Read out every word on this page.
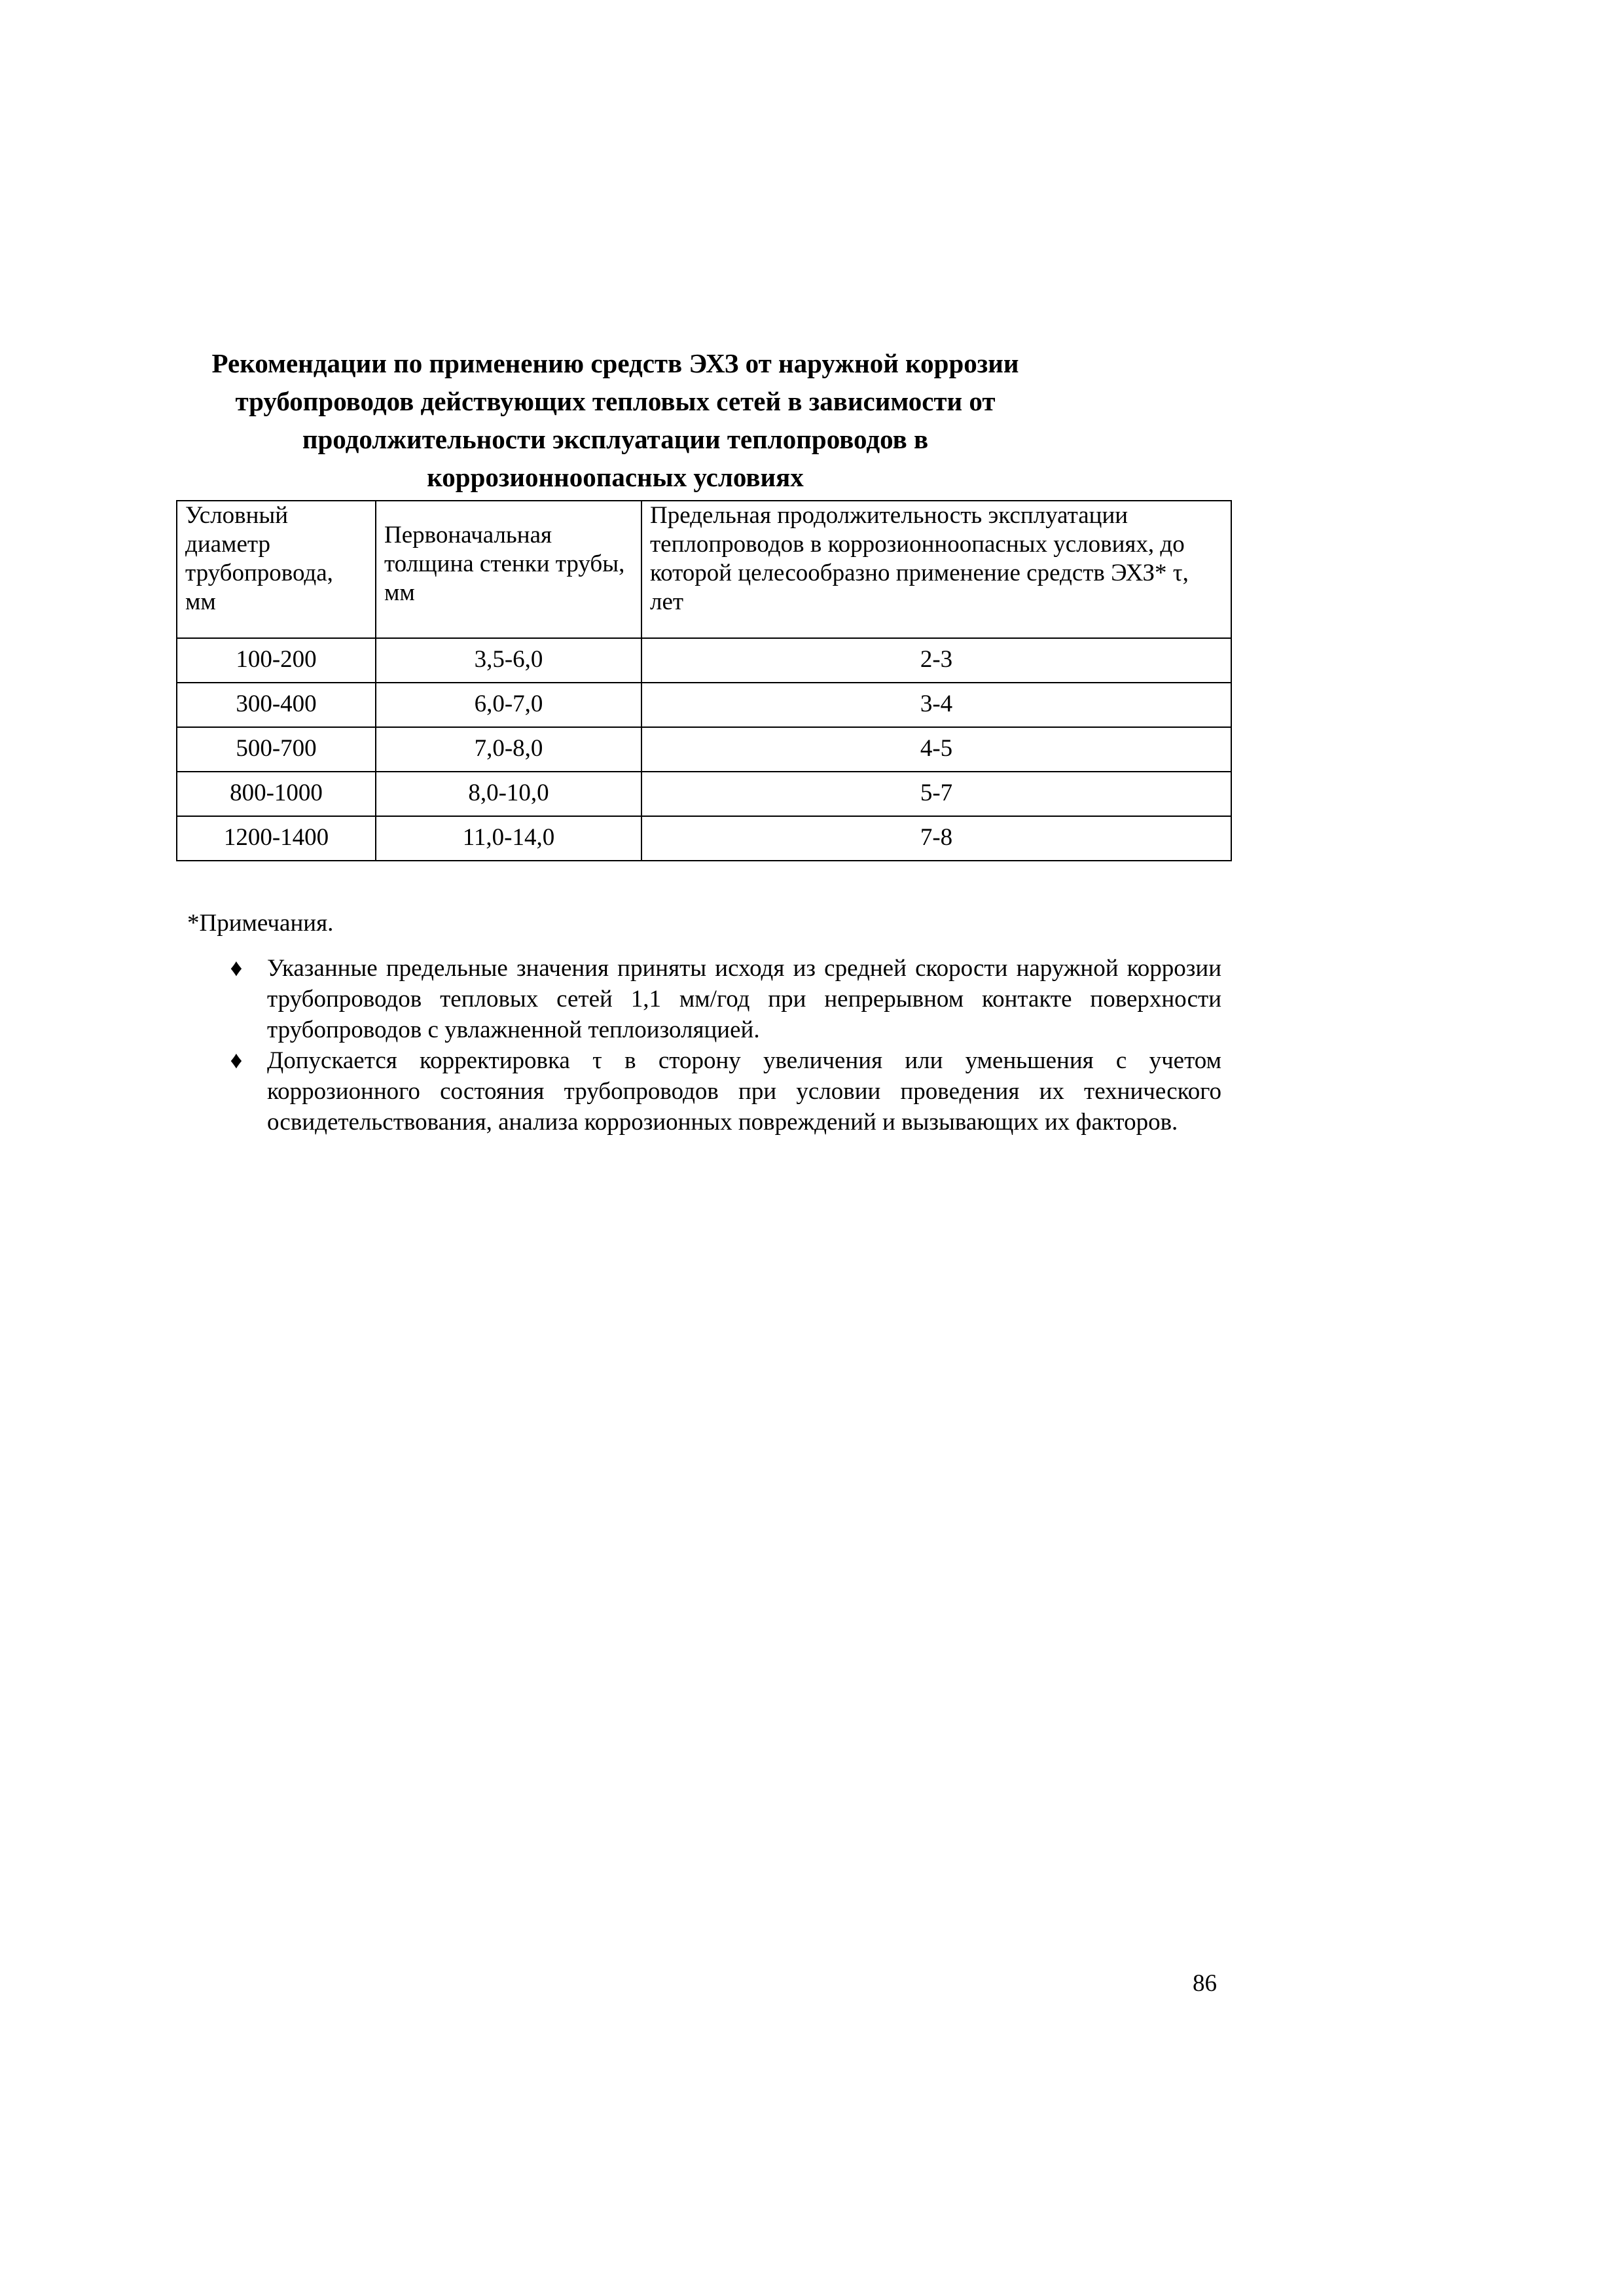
Рекомендации по применению средств ЭХЗ от наружной коррозии
трубопроводов действующих тепловых сетей в зависимости от
продолжительности эксплуатации теплопроводов в
коррозионноопасных условиях
Условный диаметр трубопровода, мм	Первоначальная толщина стенки трубы, мм	Предельная продолжительность эксплуатации теплопроводов в коррозионноопасных условиях, до которой целесообразно применение средств ЭХЗ* τ, лет
100-200	3,5-6,0	2-3
300-400	6,0-7,0	3-4
500-700	7,0-8,0	4-5
800-1000	8,0-10,0	5-7
1200-1400	11,0-14,0	7-8

*Примечания.

♦ Указанные предельные значения приняты исходя из средней скорости наружной коррозии трубопроводов тепловых сетей 1,1 мм/год при непрерывном контакте поверхности трубопроводов с увлажненной теплоизоляцией.
♦ Допускается корректировка τ в сторону увеличения или уменьшения с учетом коррозионного состояния трубопроводов при условии проведения их технического освидетельствования, анализа коррозионных повреждений и вызывающих их факторов.

86
